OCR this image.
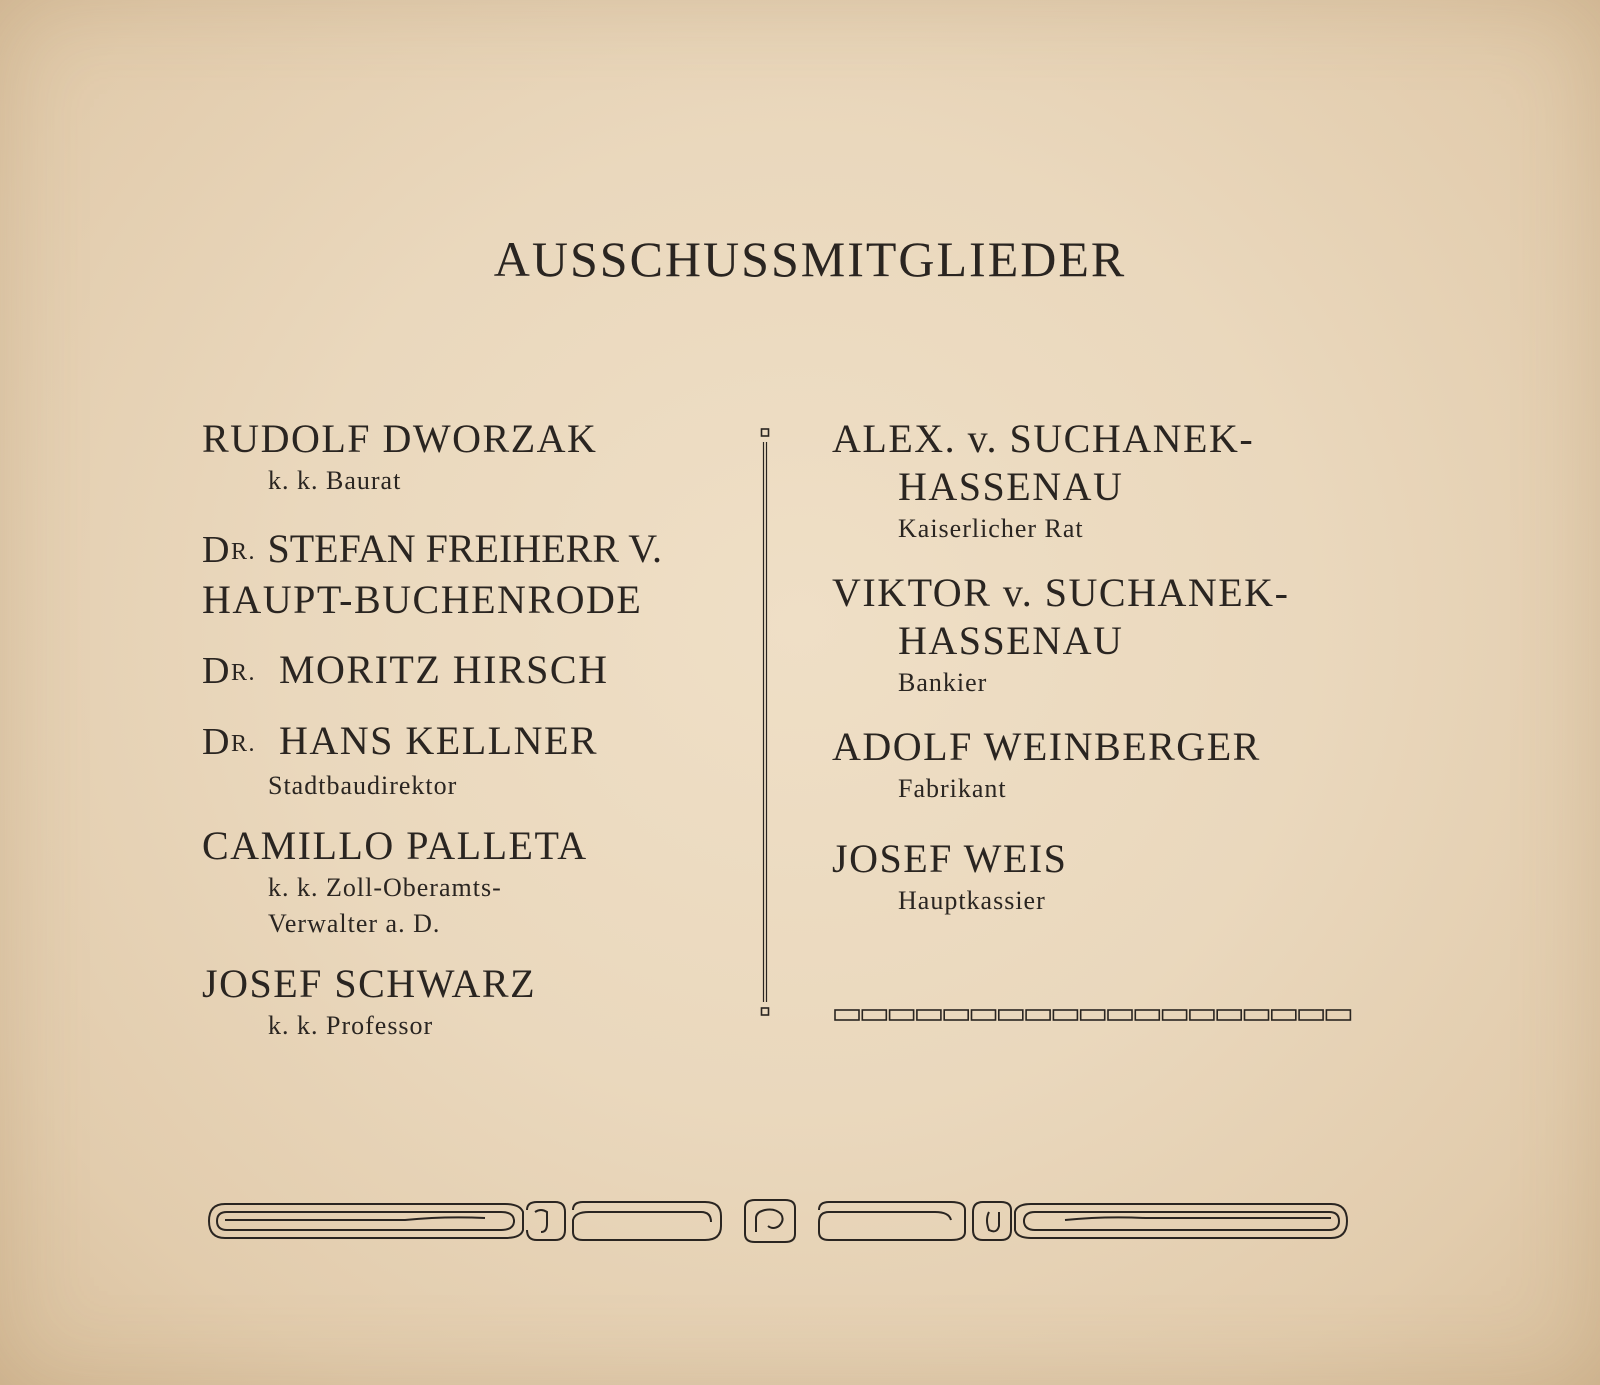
AUSSCHUSSMITGLIEDER
RUDOLF DWORZAK
k. k. Baurat
$D^{R.}$ STEFAN FREIHERR V.
HAUPT-BUCHENRODE
DR. MORITZ HIRSCH
DR. HANS KELLNER
Stadtbaudirektor
CAMILLO PALLETA
k. k. Zoll-Oberamts-
Verwalter a. D.
JOSEF SCHWARZ
k. k. Professor
ALEX. v. SUCHANEK-
HASSENAU
Kaiserlicher Rat
VIKTOR v. SUCHANEK-
HASSENAU
Bankier
ADOLF WEINBERGER
Fabrikant
JOSEF WEIS
Hauptkassier
